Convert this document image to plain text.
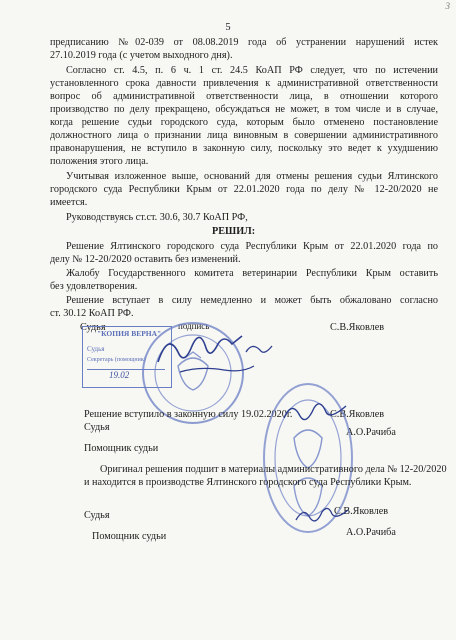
3
5
предписанию №02-039 от 08.08.2019 года об устранении нарушений истек
27.10.2019 года (с учетом выходного дня).
Согласно ст. 4.5, п. 6 ч. 1 ст. 24.5 КоАП РФ следует, что по истечении
установленного срока давности привлечения к административной ответственности
вопрос об административной ответственности лица, в отношении которого
производство по делу прекращено, обсуждаться не может, в том числе и в случае,
когда решение судьи городского суда, которым было отменено постановление
должностного лица о признании лица виновным в совершении административного
правонарушения, не вступило в законную силу, поскольку это ведет к ухудшению
положения этого лица.
Учитывая изложенное выше, оснований для отмены решения судьи Ялтинского
городского суда Республики Крым от 22.01.2020 года по делу № 12-20/2020 не
имеется.
Руководствуясь ст.ст. 30.6, 30.7 КоАП РФ,
РЕШИЛ:
Решение Ялтинского городского суда Республики Крым от 22.01.2020 года по
делу № 12-20/2020 оставить без изменений.
Жалобу Государственного комитета ветеринарии Республики Крым оставить
без удовлетворения.
Решение вступает в силу немедленно и может быть обжаловано согласно
ст. 30.12 КоАП РФ.
Судья	подпись	С.В.Яковлев
"КОПИЯ ВЕРНА"
Судья
Секретарь (помощник)
19.02
Решение вступило в законную силу 19.02.2020г.	С.В.Яковлев
Судья	А.О.Рачиба
Помощник судьи
Оригинал решения подшит в материалы административного дела № 12-20/2020
и находится в производстве Ялтинского городского суда Республики Крым.
Судья	С.В.Яковлев
А.О.Рачиба
Помощник судьи
